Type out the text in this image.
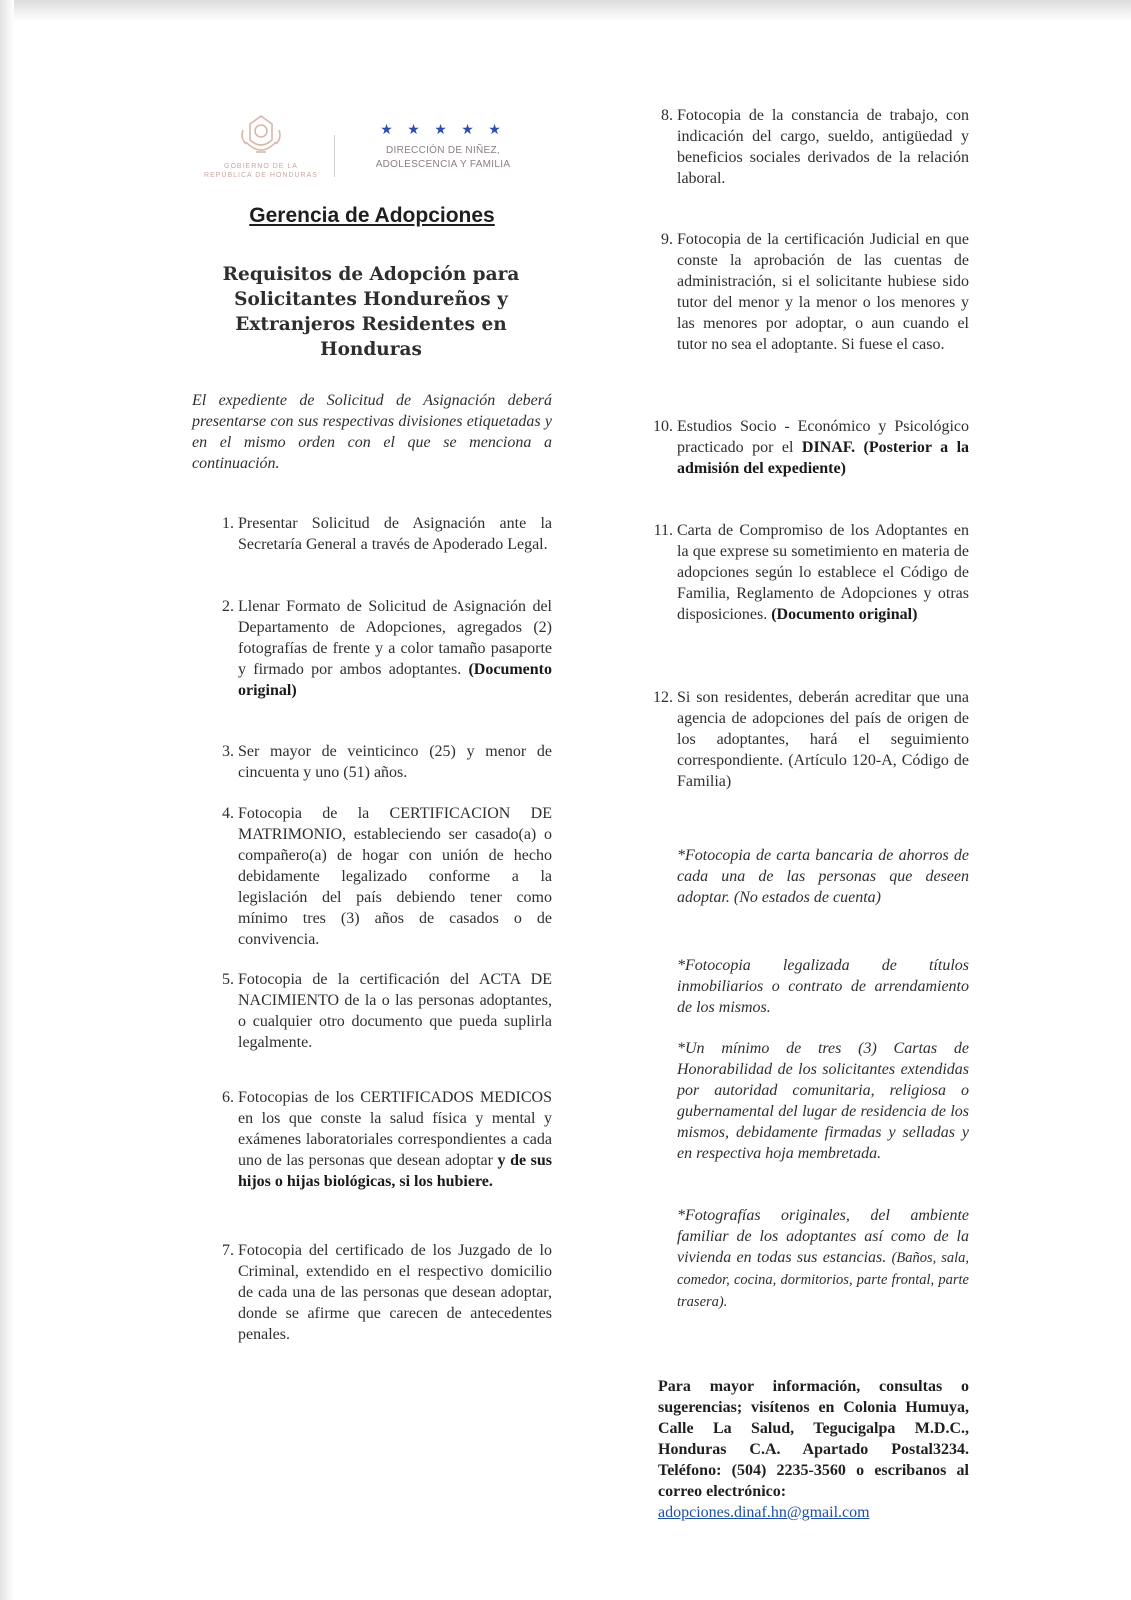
GOBIERNO DE LA
REPÚBLICA DE HONDURAS
★ ★ ★ ★ ★
DIRECCIÓN DE NIÑEZ,
ADOLESCENCIA Y FAMILIA
Gerencia de Adopciones
Requisitos de Adopción para
Solicitantes Hondureños y
Extranjeros Residentes en
Honduras
El expediente de Solicitud de Asignación deberá presentarse con sus respectivas divisiones etiquetadas y en el mismo orden con el que se menciona a continuación.
1. Presentar Solicitud de Asignación ante la Secretaría General a través de Apoderado Legal.
2. Llenar Formato de Solicitud de Asignación del Departamento de Adopciones, agregados (2) fotografías de frente y a color tamaño pasaporte y firmado por ambos adoptantes. (Documento original)
3. Ser mayor de veinticinco (25) y menor de cincuenta y uno (51) años.
4. Fotocopia de la CERTIFICACION DE MATRIMONIO, estableciendo ser casado(a) o compañero(a) de hogar con unión de hecho debidamente legalizado conforme a la legislación del país debiendo tener como mínimo tres (3) años de casados o de convivencia.
5. Fotocopia de la certificación del ACTA DE NACIMIENTO de la o las personas adoptantes, o cualquier otro documento que pueda suplirla legalmente.
6. Fotocopias de los CERTIFICADOS MEDICOS en los que conste la salud física y mental y exámenes laboratoriales correspondientes a cada uno de las personas que desean adoptar y de sus hijos o hijas biológicas, si los hubiere.
7. Fotocopia del certificado de los Juzgado de lo Criminal, extendido en el respectivo domicilio de cada una de las personas que desean adoptar, donde se afirme que carecen de antecedentes penales.
8. Fotocopia de la constancia de trabajo, con indicación del cargo, sueldo, antigüedad y beneficios sociales derivados de la relación laboral.
9. Fotocopia de la certificación Judicial en que conste la aprobación de las cuentas de administración, si el solicitante hubiese sido tutor del menor y la menor o los menores y las menores por adoptar, o aun cuando el tutor no sea el adoptante. Si fuese el caso.
10. Estudios Socio - Económico y Psicológico practicado por el DINAF. (Posterior a la admisión del expediente)
11. Carta de Compromiso de los Adoptantes en la que exprese su sometimiento en materia de adopciones según lo establece el Código de Familia, Reglamento de Adopciones y otras disposiciones. (Documento original)
12. Si son residentes, deberán acreditar que una agencia de adopciones del país de origen de los adoptantes, hará el seguimiento correspondiente. (Artículo 120-A, Código de Familia)
*Fotocopia de carta bancaria de ahorros de cada una de las personas que deseen adoptar. (No estados de cuenta)
*Fotocopia legalizada de títulos inmobiliarios o contrato de arrendamiento de los mismos.
*Un mínimo de tres (3) Cartas de Honorabilidad de los solicitantes extendidas por autoridad comunitaria, religiosa o gubernamental del lugar de residencia de los mismos, debidamente firmadas y selladas y en respectiva hoja membretada.
*Fotografías originales, del ambiente familiar de los adoptantes así como de la vivienda en todas sus estancias. (Baños, sala, comedor, cocina, dormitorios, parte frontal, parte trasera).
Para mayor información, consultas o sugerencias; visítenos en Colonia Humuya, Calle La Salud, Tegucigalpa M.D.C., Honduras C.A. Apartado Postal3234. Teléfono: (504) 2235-3560 o escribanos al correo electrónico:
adopciones.dinaf.hn@gmail.com
